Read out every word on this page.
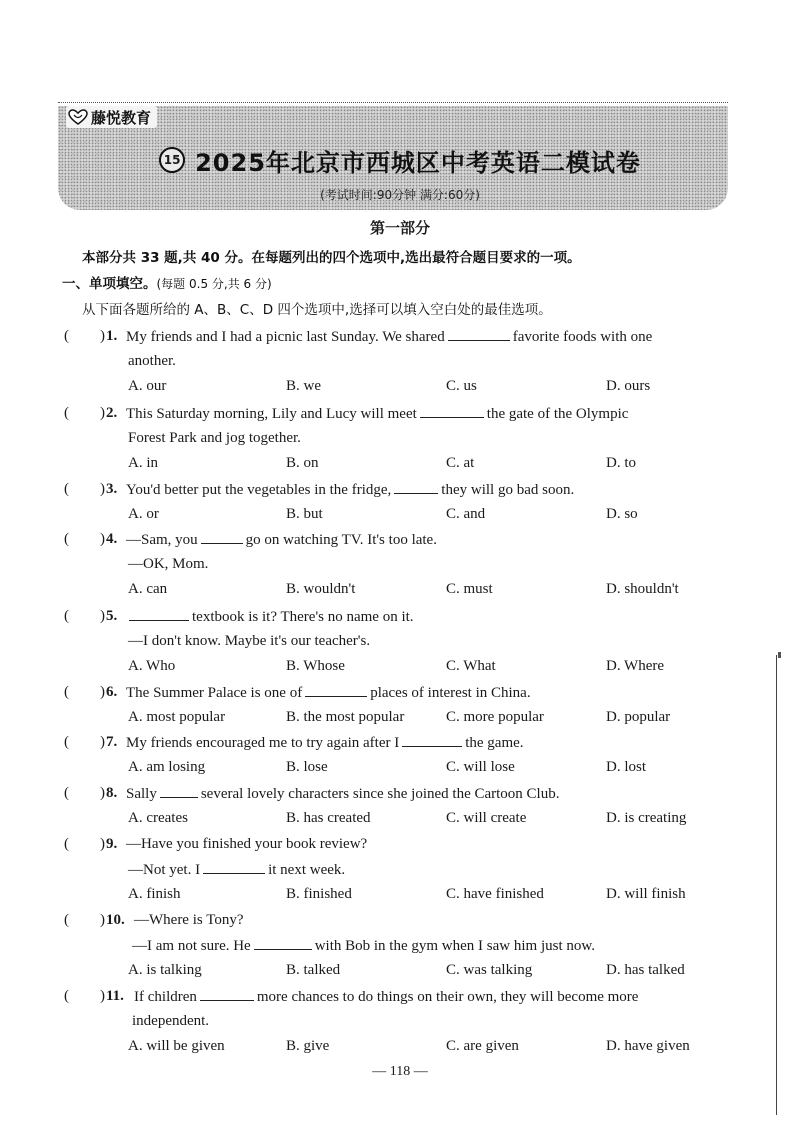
藤悦教育
15 2025年北京市西城区中考英语二模试卷
(考试时间:90分钟 满分:60分)
第一部分
本部分共 33 题,共 40 分。在每题列出的四个选项中,选出最符合题目要求的一项。
一、单项填空。(每题 0.5 分,共 6 分)
从下面各题所给的 A、B、C、D 四个选项中,选择可以填入空白处的最佳选项。
( ) 1. My friends and I had a picnic last Sunday. We shared	favorite foods with one
another.
A. our	B. we	C. us	D. ours
( ) 2. This Saturday morning, Lily and Lucy will meet	the gate of the Olympic
Forest Park and jog together.
A. in	B. on	C. at	D. to
( ) 3. You'd better put the vegetables in the fridge,	they will go bad soon.
A. or	B. but	C. and	D. so
( ) 4. —Sam, you	go on watching TV. It's too late.
—OK, Mom.
A. can	B. wouldn't	C. must	D. shouldn't
( ) 5.	textbook is it? There's no name on it.
—I don't know. Maybe it's our teacher's.
A. Who	B. Whose	C. What	D. Where
( ) 6. The Summer Palace is one of	places of interest in China.
A. most popular	B. the most popular	C. more popular	D. popular
( ) 7. My friends encouraged me to try again after I	the game.
A. am losing	B. lose	C. will lose	D. lost
( ) 8. Sally	several lovely characters since she joined the Cartoon Club.
A. creates	B. has created	C. will create	D. is creating
( ) 9. —Have you finished your book review?
—Not yet. I	it next week.
A. finish	B. finished	C. have finished	D. will finish
( ) 10. —Where is Tony?
—I am not sure. He	with Bob in the gym when I saw him just now.
A. is talking	B. talked	C. was talking	D. has talked
( ) 11. If children	more chances to do things on their own, they will become more
independent.
A. will be given	B. give	C. are given	D. have given
— 118 —
